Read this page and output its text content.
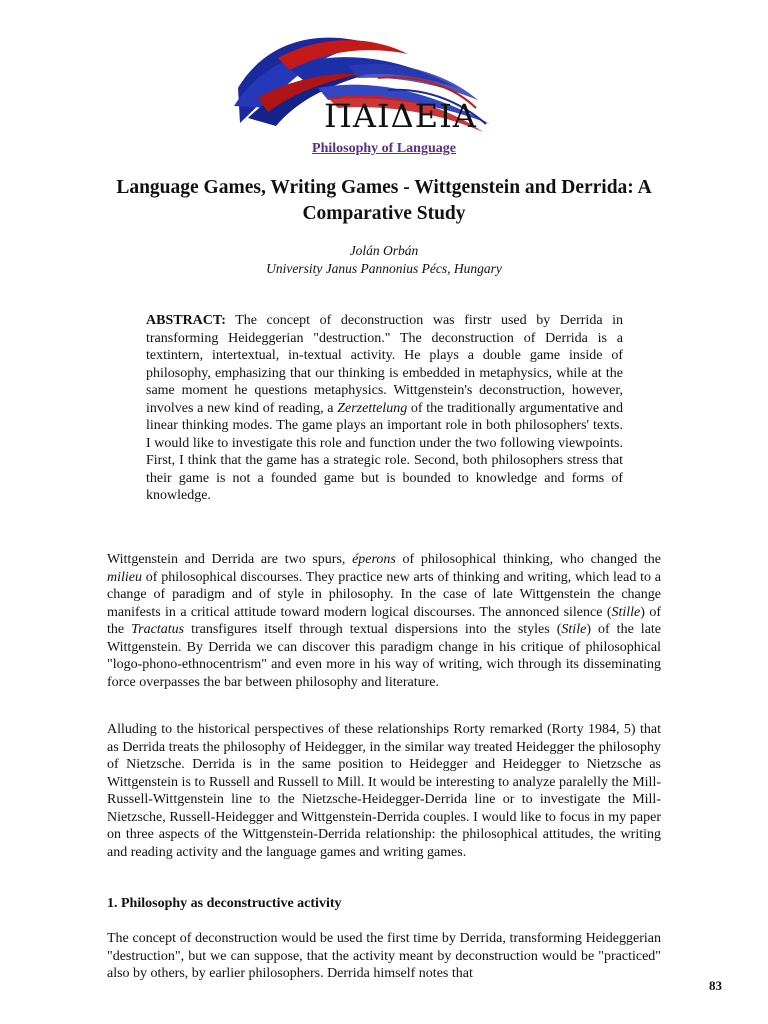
ΠΑΙΔΕΙΑ
Philosophy of Language
Language Games, Writing Games - Wittgenstein and Derrida: A Comparative Study
Jolán Orbán
University Janus Pannonius Pécs, Hungary

ABSTRACT: The concept of deconstruction was firstr used by Derrida in transforming Heideggerian "destruction." The deconstruction of Derrida is a textintern, intertextual, in-textual activity. He plays a double game inside of philosophy, emphasizing that our thinking is embedded in metaphysics, while at the same moment he questions metaphysics. Wittgenstein's deconstruction, however, involves a new kind of reading, a Zerzettelung of the traditionally argumentative and linear thinking modes. The game plays an important role in both philosophers' texts. I would like to investigate this role and function under the two following viewpoints. First, I think that the game has a strategic role. Second, both philosophers stress that their game is not a founded game but is bounded to knowledge and forms of knowledge.

Wittgenstein and Derrida are two spurs, éperons of philosophical thinking, who changed the milieu of philosophical discourses. They practice new arts of thinking and writing, which lead to a change of paradigm and of style in philosophy. In the case of late Wittgenstein the change manifests in a critical attitude toward modern logical discourses. The annonced silence (Stille) of the Tractatus transfigures itself through textual dispersions into the styles (Stile) of the late Wittgenstein. By Derrida we can discover this paradigm change in his critique of philosophical "logo-phono-ethnocentrism" and even more in his way of writing, wich through its disseminating force overpasses the bar between philosophy and literature.

Alluding to the historical perspectives of these relationships Rorty remarked (Rorty 1984, 5) that as Derrida treats the philosophy of Heidegger, in the similar way treated Heidegger the philosophy of Nietzsche. Derrida is in the same position to Heidegger and Heidegger to Nietzsche as Wittgenstein is to Russell and Russell to Mill. It would be interesting to analyze paralelly the Mill-Russell-Wittgenstein line to the Nietzsche-Heidegger-Derrida line or to investigate the Mill-Nietzsche, Russell-Heidegger and Wittgenstein-Derrida couples. I would like to focus in my paper on three aspects of the Wittgenstein-Derrida relationship: the philosophical attitudes, the writing and reading activity and the language games and writing games.

1. Philosophy as deconstructive activity

The concept of deconstruction would be used the first time by Derrida, transforming Heideggerian "destruction", but we can suppose, that the activity meant by deconstruction would be "practiced" also by others, by earlier philosophers. Derrida himself notes that

83
